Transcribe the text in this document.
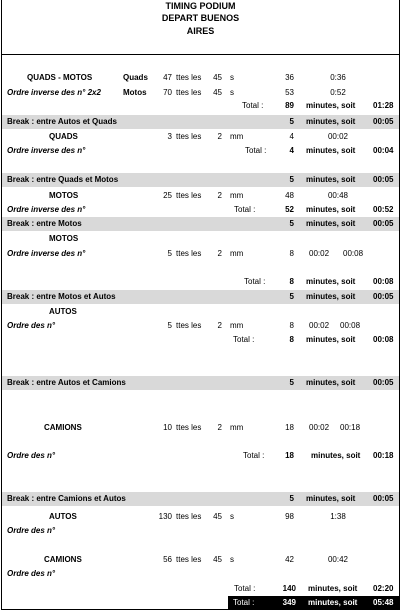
TIMING PODIUM
DEPART BUENOS
AIRES
QUADS - MOTOS	Quads	47 ttes les	45 s	36	0:36
Ordre inverse des n° 2x2	Motos	70 ttes les	45 s	53	0:52
Total :	89 minutes, soit 01:28
Break : entre Autos et Quads	5 minutes, soit 00:05
QUADS	3 ttes les	2 mm	4	00:02
Ordre inverse des n°	Total :	4 minutes, soit 00:04
Break : entre Quads et Motos	5 minutes, soit 00:05
MOTOS	25 ttes les	2 mm	48	00:48
Ordre inverse des n°	Total :	52 minutes, soit 00:52
Break : entre Motos	5 minutes, soit 00:05
MOTOS
Ordre inverse des n°	5 ttes les	2 mm	8 00:02 00:08
Total :	8 minutes, soit 00:08
Break : entre Motos et Autos	5 minutes, soit 00:05
AUTOS
Ordre des n°	5 ttes les	2 mm	8 00:02 00:08
Total :	8 minutes, soit 00:08
Break : entre Autos et Camions	5 minutes, soit 00:05
CAMIONS	10 ttes les	2 mm	18 00:02 00:18
Ordre des n°	Total :	18 minutes, soit 00:18
Break : entre Camions et Autos	5 minutes, soit 00:05
AUTOS	130 ttes les	45 s	98	1:38
Ordre des n°
CAMIONS	56 ttes les	45 s	42	00:42
Ordre des n°
Total :	140 minutes, soit 02:20
Total :	349 minutes, soit 05:48
